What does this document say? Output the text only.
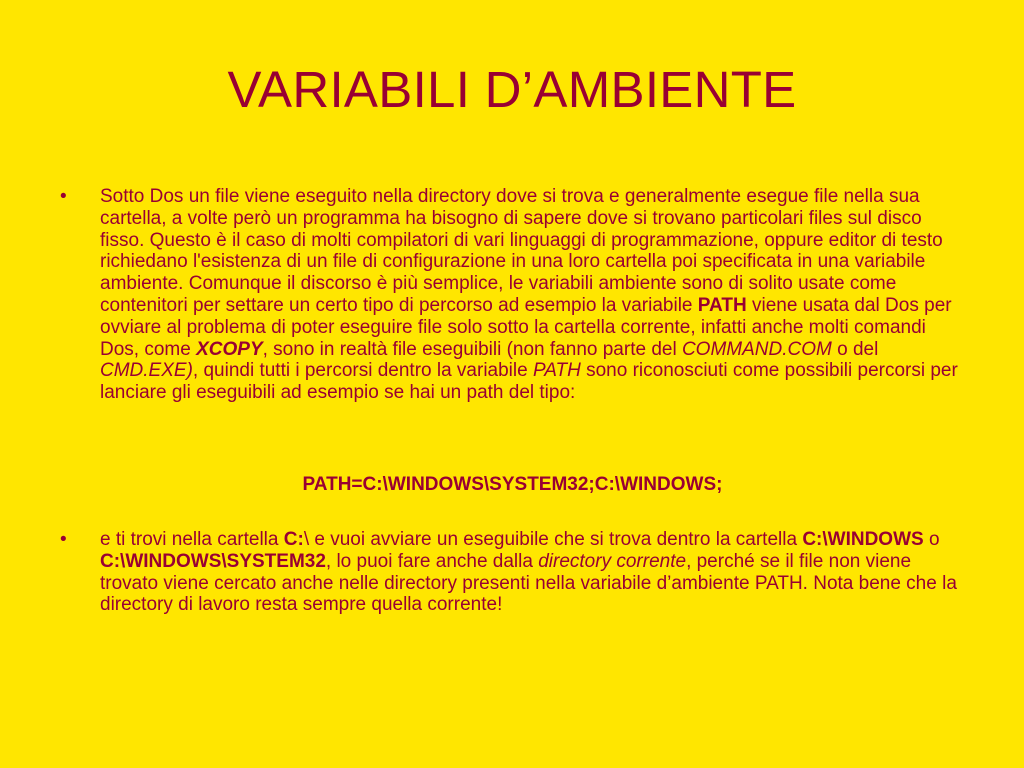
VARIABILI D’AMBIENTE
•	Sotto Dos un file viene eseguito nella directory dove si trova e generalmente esegue file nella sua cartella, a volte però un programma ha bisogno di sapere dove si trovano particolari files sul disco fisso. Questo è il caso di molti compilatori di vari linguaggi di programmazione, oppure editor di testo richiedano l'esistenza di un file di configurazione in una loro cartella poi specificata in una variabile ambiente. Comunque il discorso è più semplice, le variabili ambiente sono di solito usate come contenitori per settare un certo tipo di percorso ad esempio la variabile PATH viene usata dal Dos per ovviare al problema di poter eseguire file solo sotto la cartella corrente, infatti anche molti comandi Dos, come XCOPY, sono in realtà file eseguibili (non fanno parte del COMMAND.COM o del CMD.EXE), quindi tutti i percorsi dentro la variabile PATH sono riconosciuti come possibili percorsi per lanciare gli eseguibili ad esempio se hai un path del tipo:
PATH=C:\WINDOWS\SYSTEM32;C:\WINDOWS;
•	e ti trovi nella cartella C:\ e vuoi avviare un eseguibile che si trova dentro la cartella C:\WINDOWS o C:\WINDOWS\SYSTEM32, lo puoi fare anche dalla directory corrente, perché se il file non viene trovato viene cercato anche nelle directory presenti nella variabile d’ambiente PATH. Nota bene che la directory di lavoro resta sempre quella corrente!
